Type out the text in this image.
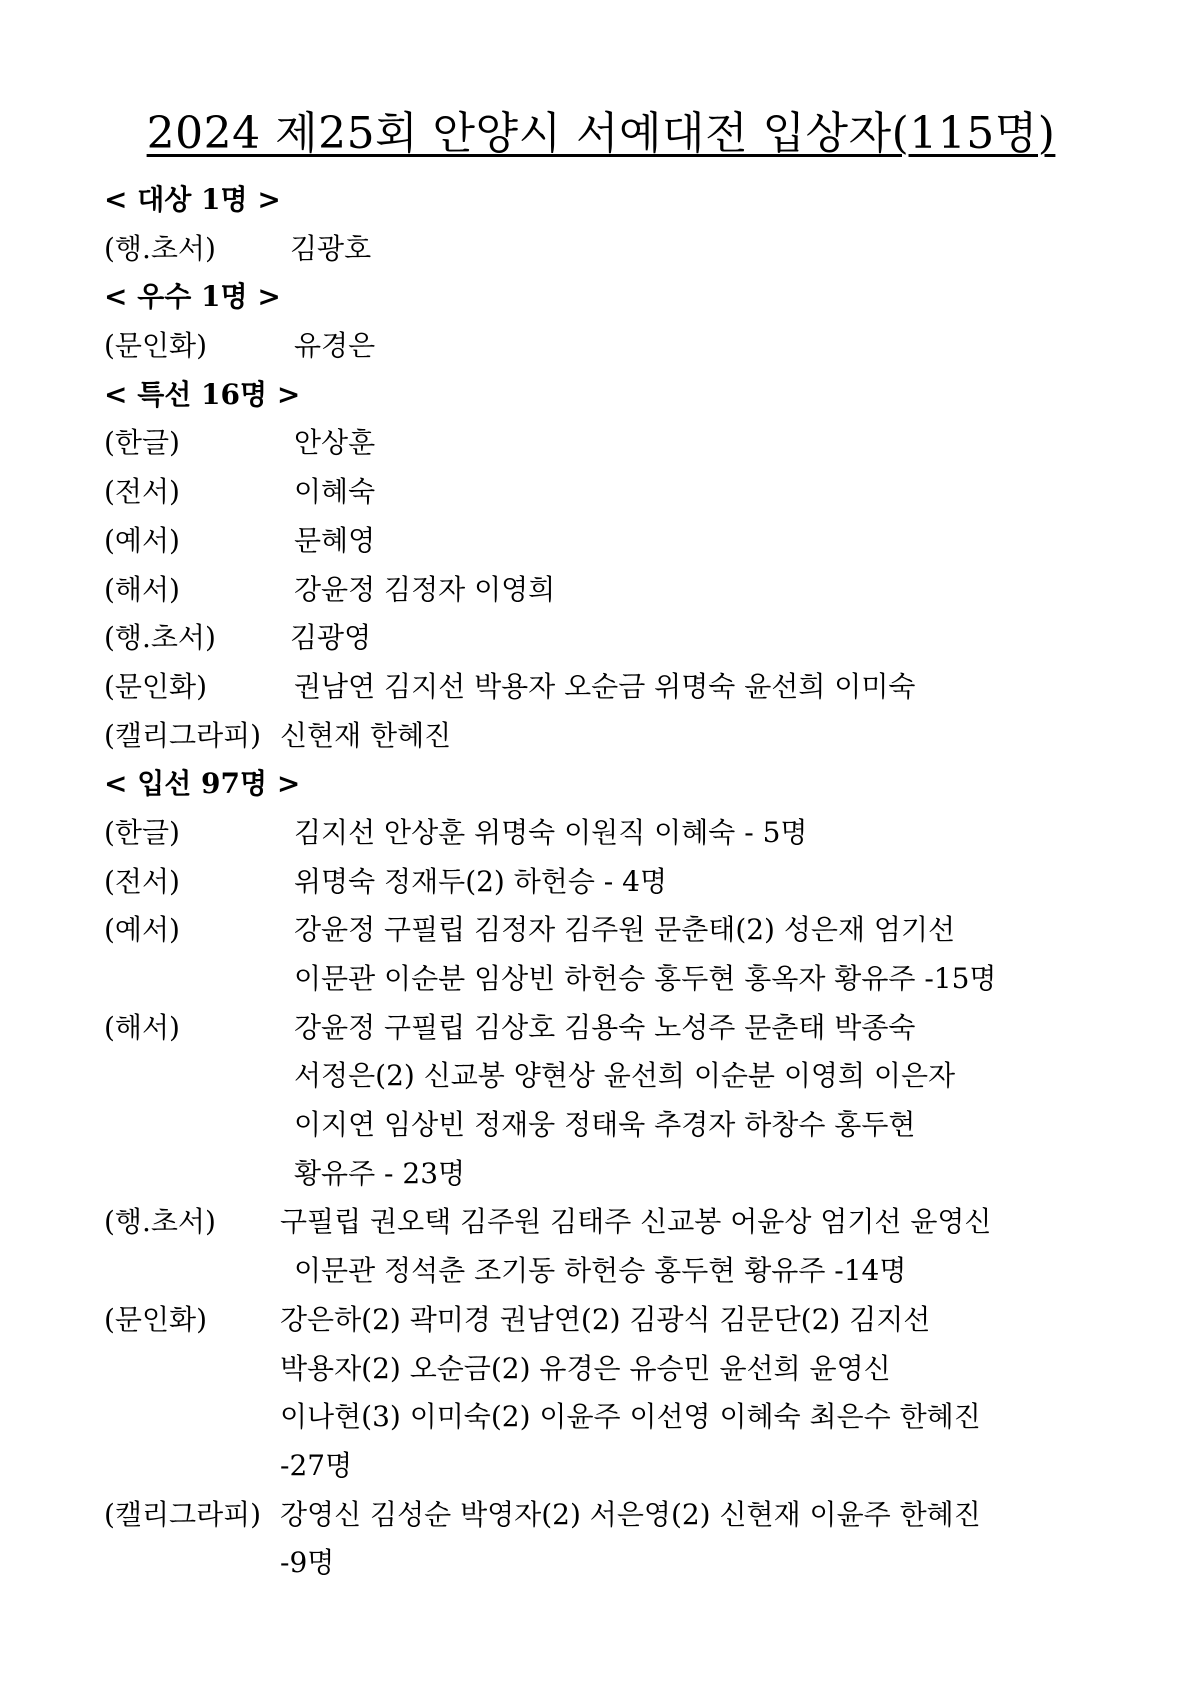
2024 제25회 안양시 서예대전 입상자(115명)
< 대상 1명 >
(행.초서)	김광호
< 우수 1명 >
(문인화)	유경은
< 특선 16명 >
(한글)	안상훈
(전서)	이혜숙
(예서)	문혜영
(해서)	강윤정 김정자 이영희
(행.초서)	김광영
(문인화)	권남연 김지선 박용자 오순금 위명숙 윤선희 이미숙
(캘리그라피) 신현재 한혜진
< 입선 97명 >
(한글)	김지선 안상훈 위명숙 이원직 이혜숙 - 5명
(전서)	위명숙 정재두(2) 하헌승 - 4명
(예서)	강윤정 구필립 김정자 김주원 문춘태(2) 성은재 엄기선
이문관 이순분 임상빈 하헌승 홍두현 홍옥자 황유주 -15명
(해서)	강윤정 구필립 김상호 김용숙 노성주 문춘태 박종숙
서정은(2) 신교봉 양현상 윤선희 이순분 이영희 이은자
이지연 임상빈 정재웅 정태욱 추경자 하창수 홍두현
황유주 - 23명
(행.초서) 구필립 권오택 김주원 김태주 신교봉 어윤상 엄기선 윤영신
이문관 정석춘 조기동 하헌승 홍두현 황유주 -14명
(문인화)	강은하(2) 곽미경 권남연(2) 김광식 김문단(2) 김지선
박용자(2) 오순금(2) 유경은 유승민 윤선희 윤영신
이나현(3) 이미숙(2) 이윤주 이선영 이혜숙 최은수 한혜진
-27명
(캘리그라피) 강영신 김성순 박영자(2) 서은영(2) 신현재 이윤주 한혜진
-9명
